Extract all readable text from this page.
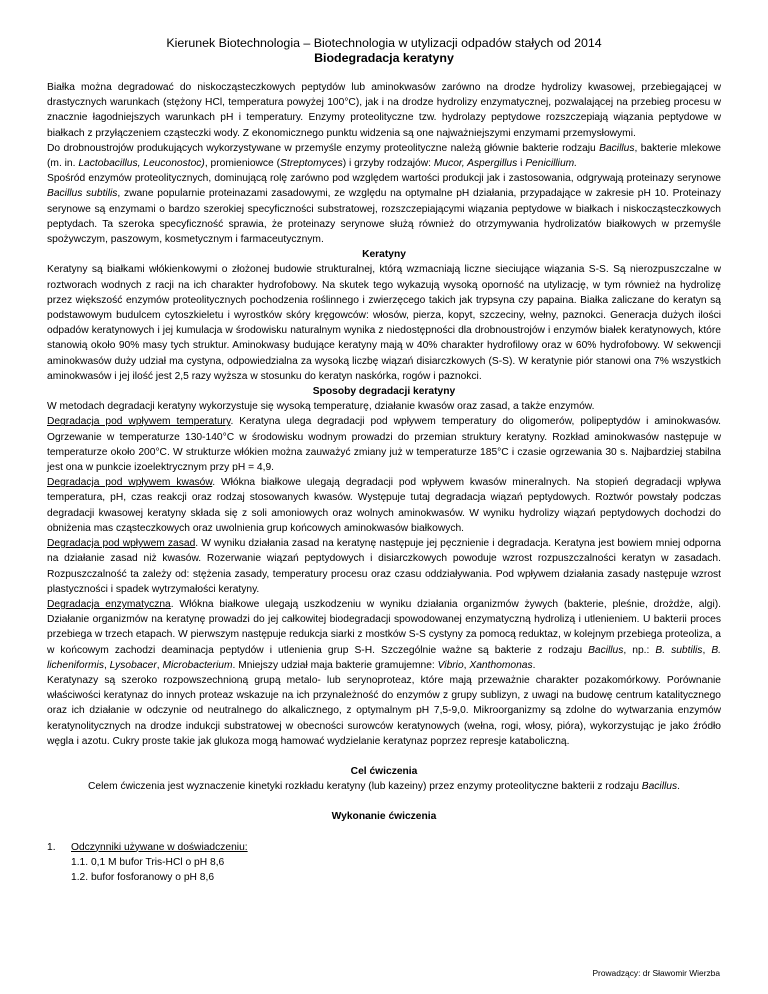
Kierunek Biotechnologia – Biotechnologia w utylizacji odpadów stałych od 2014
Biodegradacja keratyny

Białka można degradować do niskocząsteczkowych peptydów lub aminokwasów zarówno na drodze hydrolizy kwasowej, przebiegającej w drastycznych warunkach (stężony HCl, temperatura powyżej 100°C), jak i na drodze hydrolizy enzymatycznej, pozwalającej na przebieg procesu w znacznie łagodniejszych warunkach pH i temperatury. Enzymy proteolityczne tzw. hydrolazy peptydowe rozszczepiają wiązania peptydowe w białkach z przyłączeniem cząsteczki wody. Z ekonomicznego punktu widzenia są one najważniejszymi enzymami przemysłowymi.

Do drobnoustrojów produkujących wykorzystywane w przemyśle enzymy proteolityczne należą głównie bakterie rodzaju Bacillus, bakterie mlekowe (m. in. Lactobacillus, Leuconostoc), promieniowce (Streptomyces) i grzyby rodzajów: Mucor, Aspergillus i Penicillium.

Spośród enzymów proteolitycznych, dominującą rolę zarówno pod względem wartości produkcji jak i zastosowania, odgrywają proteinazy serynowe Bacillus subtilis, zwane popularnie proteinazami zasadowymi, ze względu na optymalne pH działania, przypadające w zakresie pH 10. Proteinazy serynowe są enzymami o bardzo szerokiej specyficzności substratowej, rozszczepiającymi wiązania peptydowe w białkach i niskocząsteczkowych peptydach. Ta szeroka specyficzność sprawia, że proteinazy serynowe służą również do otrzymywania hydrolizatów białkowych w przemyśle spożywczym, paszowym, kosmetycznym i farmaceutycznym.

Keratyny

Keratyny są białkami włókienkowymi o złożonej budowie strukturalnej, którą wzmacniają liczne sieciujące wiązania S-S. Są nierozpuszczalne w roztworach wodnych z racji na ich charakter hydrofobowy. Na skutek tego wykazują wysoką oporność na utylizację, w tym również na hydrolizę przez większość enzymów proteolitycznych pochodzenia roślinnego i zwierzęcego takich jak trypsyna czy papaina. Białka zaliczane do keratyn są podstawowym budulcem cytoszkieletu i wyrostków skóry kręgowców: włosów, pierza, kopyt, szczeciny, wełny, paznokci. Generacja dużych ilości odpadów keratynowych i jej kumulacja w środowisku naturalnym wynika z niedostępności dla drobnoustrojów i enzymów białek keratynowych, które stanowią około 90% masy tych struktur. Aminokwasy budujące keratyny mają w 40% charakter hydrofilowy oraz w 60% hydrofobowy. W sekwencji aminokwasów duży udział ma cystyna, odpowiedzialna za wysoką liczbę wiązań disiarczkowych (S-S). W keratynie piór stanowi ona 7% wszystkich aminokwasów i jej ilość jest 2,5 razy wyższa w stosunku do keratyn naskórka, rogów i paznokci.

Sposoby degradacji keratyny

W metodach degradacji keratyny wykorzystuje się wysoką temperaturę, działanie kwasów oraz zasad, a także enzymów.

Degradacja pod wpływem temperatury. Keratyna ulega degradacji pod wpływem temperatury do oligomerów, polipeptydów i aminokwasów. Ogrzewanie w temperaturze 130-140°C w środowisku wodnym prowadzi do przemian struktury keratyny. Rozkład aminokwasów następuje w temperaturze około 200°C. W strukturze włókien można zauważyć zmiany już w temperaturze 185°C i czasie ogrzewania 30 s. Najbardziej stabilna jest ona w punkcie izoelektrycznym przy pH = 4,9.

Degradacja pod wpływem kwasów. Włókna białkowe ulegają degradacji pod wpływem kwasów mineralnych. Na stopień degradacji wpływa temperatura, pH, czas reakcji oraz rodzaj stosowanych kwasów. Występuje tutaj degradacja wiązań peptydowych. Roztwór powstały podczas degradacji kwasowej keratyny składa się z soli amoniowych oraz wolnych aminokwasów. W wyniku hydrolizy wiązań peptydowych dochodzi do obniżenia mas cząsteczkowych oraz uwolnienia grup końcowych aminokwasów białkowych.

Degradacja pod wpływem zasad. W wyniku działania zasad na keratynę następuje jej pęcznienie i degradacja. Keratyna jest bowiem mniej odporna na działanie zasad niż kwasów. Rozerwanie wiązań peptydowych i disiarczkowych powoduje wzrost rozpuszczalności keratyn w zasadach. Rozpuszczalność ta zależy od: stężenia zasady, temperatury procesu oraz czasu oddziaływania. Pod wpływem działania zasady następuje wzrost plastyczności i spadek wytrzymałości keratyny.

Degradacja enzymatyczna. Włókna białkowe ulegają uszkodzeniu w wyniku działania organizmów żywych (bakterie, pleśnie, drożdże, algi). Działanie organizmów na keratynę prowadzi do jej całkowitej biodegradacji spowodowanej enzymatyczną hydrolizą i utlenieniem. U bakterii proces przebiega w trzech etapach. W pierwszym następuje redukcja siarki z mostków S-S cystyny za pomocą reduktaz, w kolejnym przebiega proteoliza, a w końcowym zachodzi deaminacja peptydów i utlenienia grup S-H. Szczególnie ważne są bakterie z rodzaju Bacillus, np.: B. subtilis, B. licheniformis, Lysobacer, Microbacterium. Mniejszy udział maja bakterie gramujemne: Vibrio, Xanthomonas.

Keratynazy są szeroko rozpowszechnioną grupą metalo- lub serynoproteaz, które mają przeważnie charakter pozakomórkowy. Porównanie właściwości keratynaz do innych proteaz wskazuje na ich przynależność do enzymów z grupy sublizyn, z uwagi na budowę centrum katalitycznego oraz ich działanie w odczynie od neutralnego do alkalicznego, z optymalnym pH 7,5-9,0. Mikroorganizmy są zdolne do wytwarzania enzymów keratynolitycznych na drodze indukcji substratowej w obecności surowców keratynowych (wełna, rogi, włosy, pióra), wykorzystując je jako źródło węgla i azotu. Cukry proste takie jak glukoza mogą hamować wydzielanie keratynaz poprzez represje kataboliczną.

Cel ćwiczenia

Celem ćwiczenia jest wyznaczenie kinetyki rozkładu keratyny (lub kazeiny) przez enzymy proteolityczne bakterii z rodzaju Bacillus.

Wykonanie ćwiczenia
1. Odczynniki używane w doświadczeniu:
1.1. 0,1 M bufor Tris-HCl o pH 8,6
1.2. bufor fosforanowy o pH 8,6
Prowadzący: dr Sławomir Wierzba
